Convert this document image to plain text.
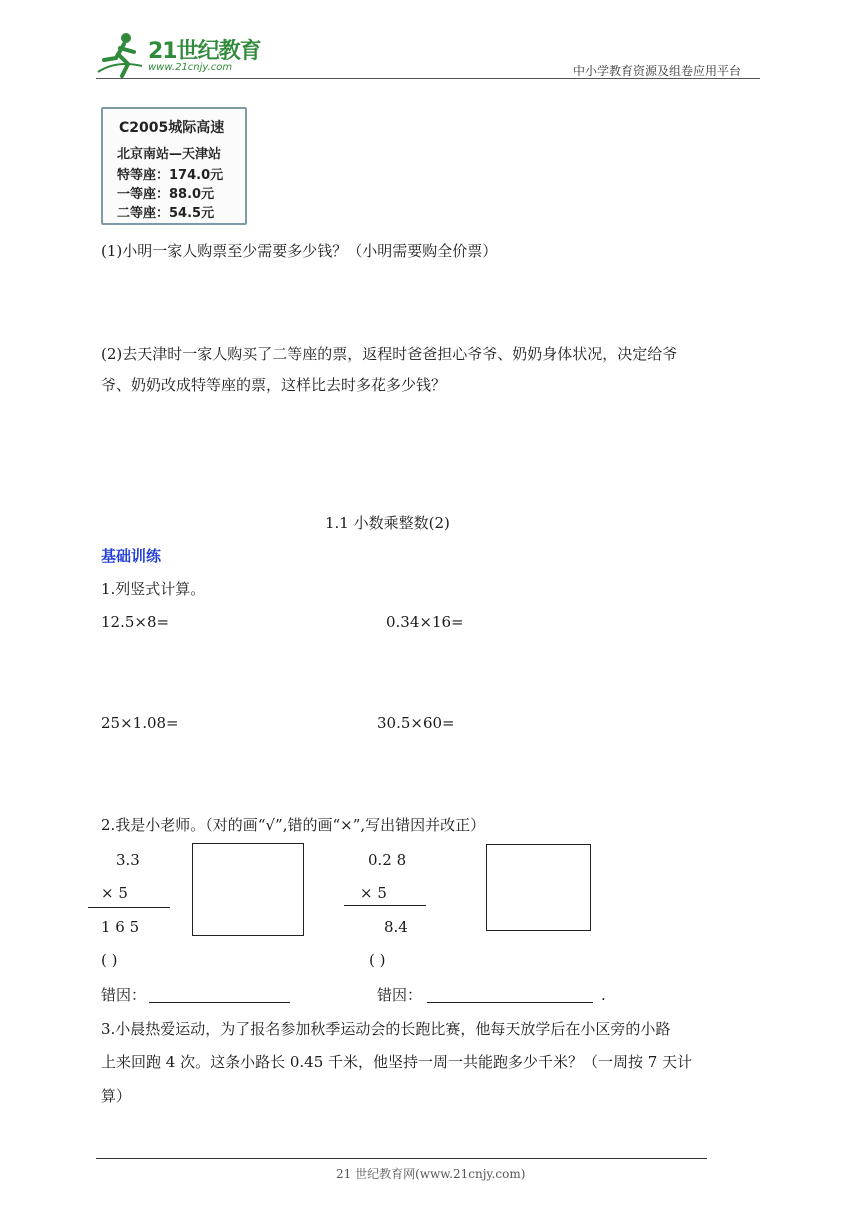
21世纪教育
www.21cnjy.com	中小学教育资源及组卷应用平台
C2005城际高速
北京南站—天津站
特等座：174.0元
一等座：88.0元
二等座：54.5元
(1)小明一家人购票至少需要多少钱？（小明需要购全价票）
(2)去天津时一家人购买了二等座的票，返程时爸爸担心爷爷、奶奶身体状况，决定给爷
爷、奶奶改成特等座的票，这样比去时多花多少钱？
1.1 小数乘整数(2)
基础训练
1.列竖式计算。
12.5×8=	0.34×16=
25×1.08=	30.5×60=
2.我是小老师。（对的画“√”,错的画“×”,写出错因并改正）
3.3
× 5
1 6 5
( )
0.2 8
× 5
8.4
( )
错因：	错因：	.
3.小晨热爱运动，为了报名参加秋季运动会的长跑比赛，他每天放学后在小区旁的小路
上来回跑 4 次。这条小路长 0.45 千米，他坚持一周一共能跑多少千米？（一周按 7 天计
算）
21 世纪教育网(www.21cnjy.com)
